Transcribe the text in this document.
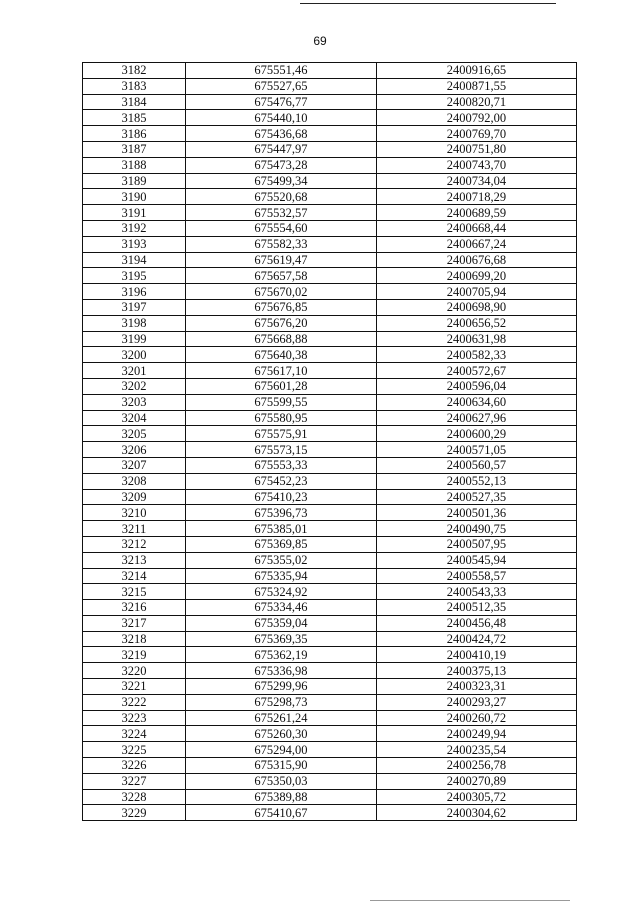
69
3182	675551,46	2400916,65
3183	675527,65	2400871,55
3184	675476,77	2400820,71
3185	675440,10	2400792,00
3186	675436,68	2400769,70
3187	675447,97	2400751,80
3188	675473,28	2400743,70
3189	675499,34	2400734,04
3190	675520,68	2400718,29
3191	675532,57	2400689,59
3192	675554,60	2400668,44
3193	675582,33	2400667,24
3194	675619,47	2400676,68
3195	675657,58	2400699,20
3196	675670,02	2400705,94
3197	675676,85	2400698,90
3198	675676,20	2400656,52
3199	675668,88	2400631,98
3200	675640,38	2400582,33
3201	675617,10	2400572,67
3202	675601,28	2400596,04
3203	675599,55	2400634,60
3204	675580,95	2400627,96
3205	675575,91	2400600,29
3206	675573,15	2400571,05
3207	675553,33	2400560,57
3208	675452,23	2400552,13
3209	675410,23	2400527,35
3210	675396,73	2400501,36
3211	675385,01	2400490,75
3212	675369,85	2400507,95
3213	675355,02	2400545,94
3214	675335,94	2400558,57
3215	675324,92	2400543,33
3216	675334,46	2400512,35
3217	675359,04	2400456,48
3218	675369,35	2400424,72
3219	675362,19	2400410,19
3220	675336,98	2400375,13
3221	675299,96	2400323,31
3222	675298,73	2400293,27
3223	675261,24	2400260,72
3224	675260,30	2400249,94
3225	675294,00	2400235,54
3226	675315,90	2400256,78
3227	675350,03	2400270,89
3228	675389,88	2400305,72
3229	675410,67	2400304,62
